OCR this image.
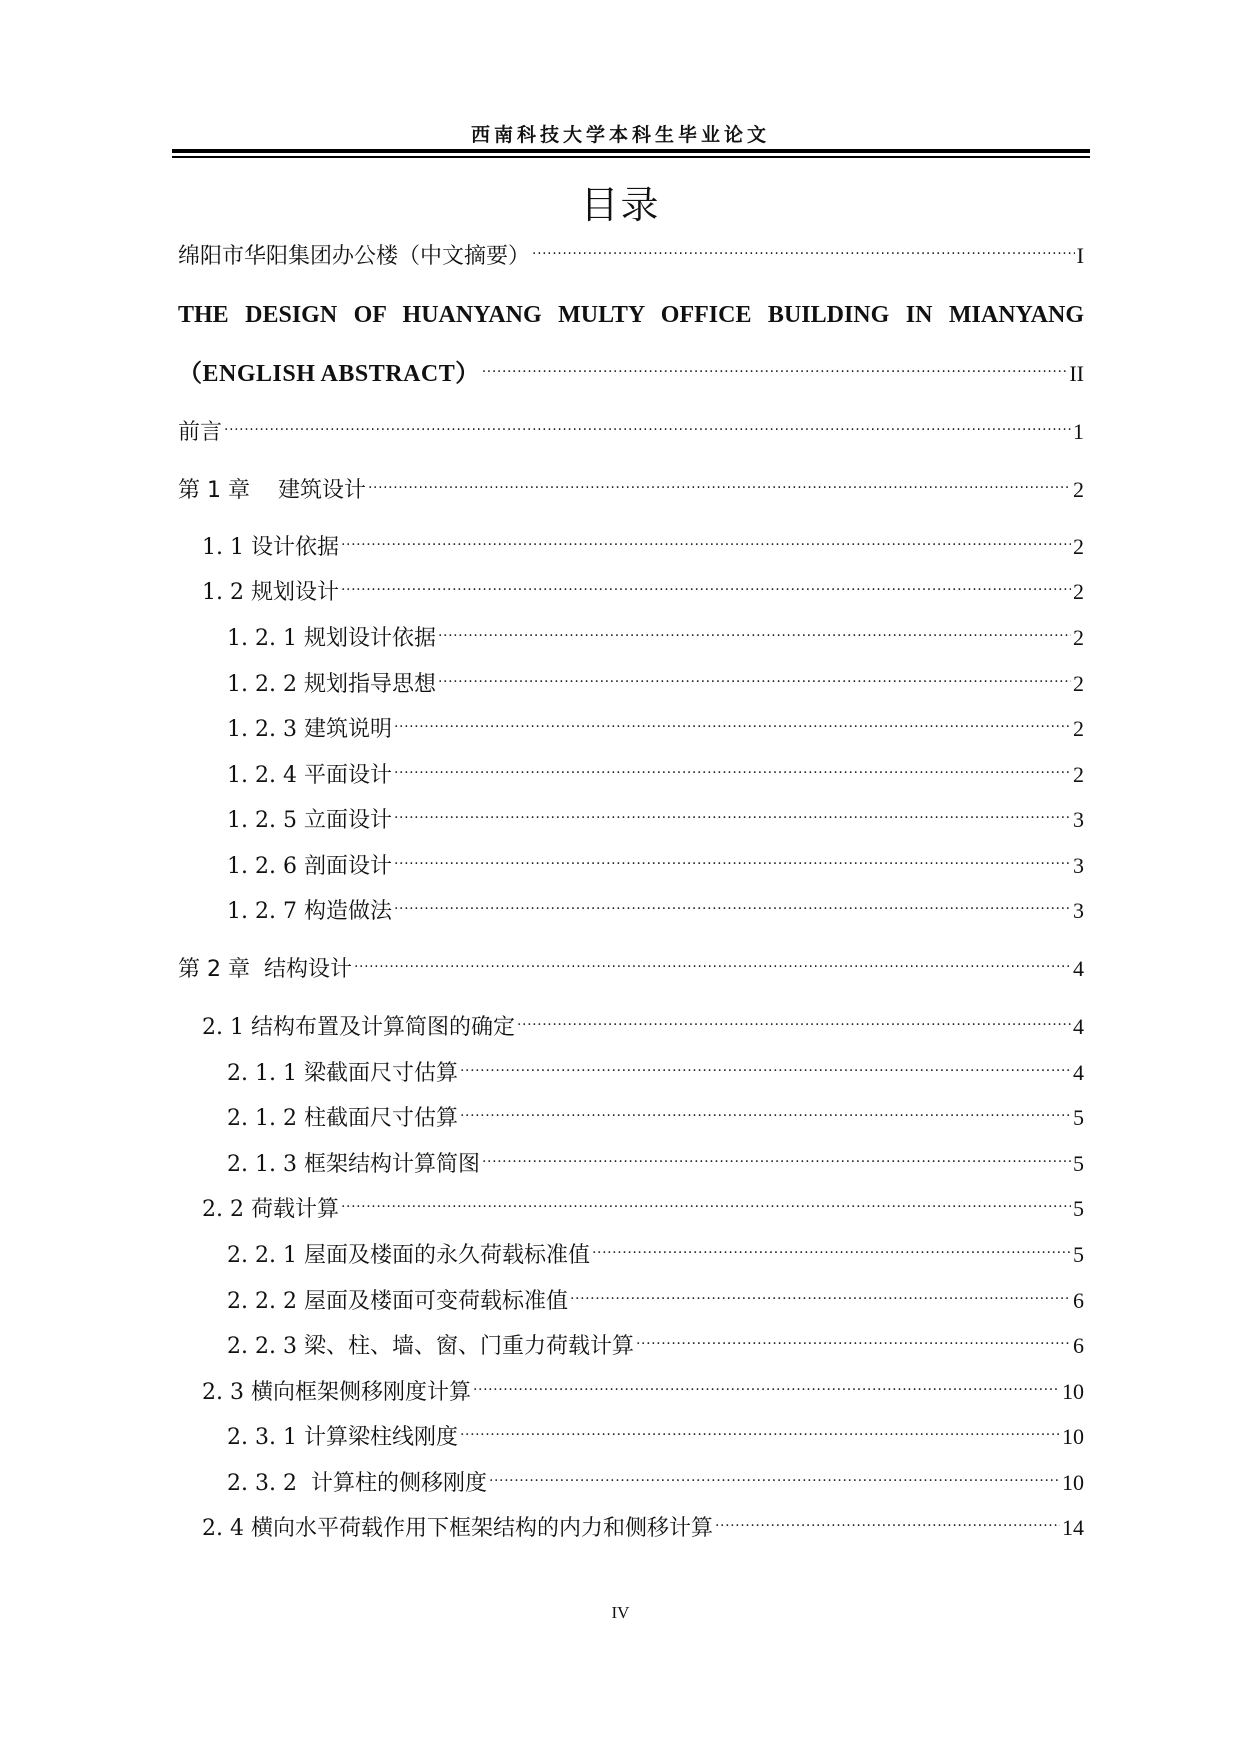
西南科技大学本科生毕业论文
目录
THE DESIGN OF HUANYANG MULTY OFFICE BUILDING IN MIANYANG
绵阳市华阳集团办公楼（中文摘要） .....	I
（ENGLISH ABSTRACT） .....	II
前言 .....	1
第 1 章    建筑设计 .....	2
1. 1 设计依据 .....	2
1. 2 规划设计 .....	2
1. 2. 1 规划设计依据 .....	2
1. 2. 2 规划指导思想 .....	2
1. 2. 3 建筑说明 .....	2
1. 2. 4 平面设计 .....	2
1. 2. 5 立面设计 .....	3
1. 2. 6 剖面设计 .....	3
1. 2. 7 构造做法 .....	3
第 2 章  结构设计 .....	4
2. 1 结构布置及计算简图的确定 .....	4
2. 1. 1 梁截面尺寸估算 .....	4
2. 1. 2 柱截面尺寸估算 .....	5
2. 1. 3 框架结构计算简图 .....	5
2. 2 荷载计算 .....	5
2. 2. 1 屋面及楼面的永久荷载标准值 .....	5
2. 2. 2 屋面及楼面可变荷载标准值 .....	6
2. 2. 3 梁、柱、墙、窗、门重力荷载计算 .....	6
2. 3 横向框架侧移刚度计算 .....	10
2. 3. 1 计算梁柱线刚度 .....	10
2. 3. 2  计算柱的侧移刚度 .....	10
2. 4 横向水平荷载作用下框架结构的内力和侧移计算 .....	14
IV
